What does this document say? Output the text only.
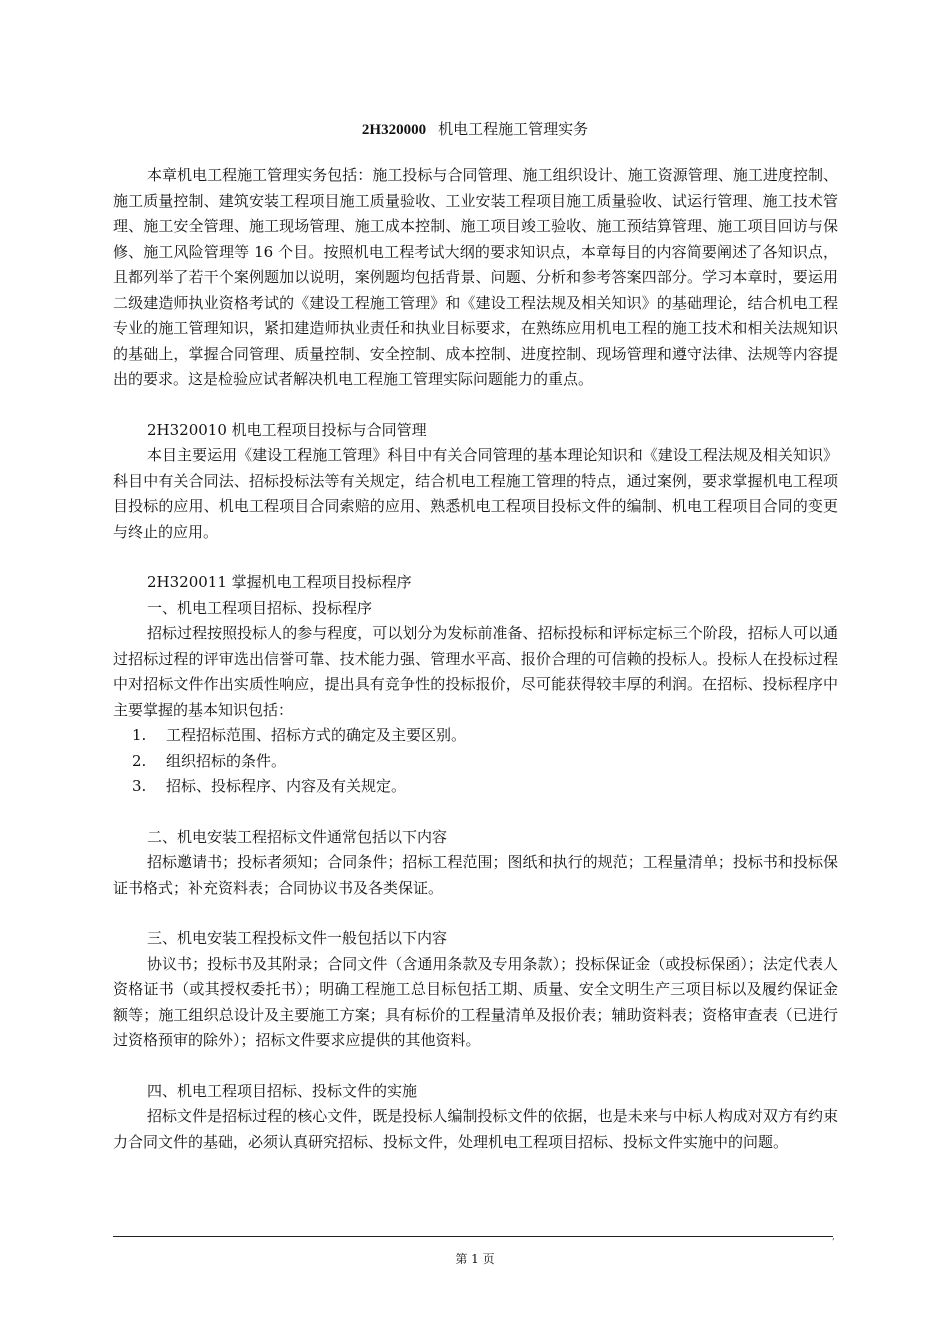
2H320000 机电工程施工管理实务

本章机电工程施工管理实务包括：施工投标与合同管理、施工组织设计、施工资源管理、施工进度控制、施工质量控制、建筑安装工程项目施工质量验收、工业安装工程项目施工质量验收、试运行管理、施工技术管理、施工安全管理、施工现场管理、施工成本控制、施工项目竣工验收、施工预结算管理、施工项目回访与保修、施工风险管理等 16 个目。按照机电工程考试大纲的要求知识点，本章每目的内容简要阐述了各知识点，且都列举了若干个案例题加以说明，案例题均包括背景、问题、分析和参考答案四部分。学习本章时，要运用二级建造师执业资格考试的《建设工程施工管理》和《建设工程法规及相关知识》的基础理论，结合机电工程专业的施工管理知识，紧扣建造师执业责任和执业目标要求，在熟练应用机电工程的施工技术和相关法规知识的基础上，掌握合同管理、质量控制、安全控制、成本控制、进度控制、现场管理和遵守法律、法规等内容提出的要求。这是检验应试者解决机电工程施工管理实际问题能力的重点。

2H320010 机电工程项目投标与合同管理

本目主要运用《建设工程施工管理》科目中有关合同管理的基本理论知识和《建设工程法规及相关知识》科目中有关合同法、招标投标法等有关规定，结合机电工程施工管理的特点，通过案例，要求掌握机电工程项目投标的应用、机电工程项目合同索赔的应用、熟悉机电工程项目投标文件的编制、机电工程项目合同的变更与终止的应用。

2H320011 掌握机电工程项目投标程序

一、机电工程项目招标、投标程序

招标过程按照投标人的参与程度，可以划分为发标前准备、招标投标和评标定标三个阶段，招标人可以通过招标过程的评审选出信誉可靠、技术能力强、管理水平高、报价合理的可信赖的投标人。投标人在投标过程中对招标文件作出实质性响应，提出具有竞争性的投标报价，尽可能获得较丰厚的利润。在招标、投标程序中主要掌握的基本知识包括：

1.	工程招标范围、招标方式的确定及主要区别。
2.	组织招标的条件。
3.	招标、投标程序、内容及有关规定。

二、机电安装工程招标文件通常包括以下内容

招标邀请书；投标者须知；合同条件；招标工程范围；图纸和执行的规范；工程量清单；投标书和投标保证书格式；补充资料表；合同协议书及各类保证。

三、机电安装工程投标文件一般包括以下内容

协议书；投标书及其附录；合同文件（含通用条款及专用条款）；投标保证金（或投标保函）；法定代表人资格证书（或其授权委托书）；明确工程施工总目标包括工期、质量、安全文明生产三项目标以及履约保证金额等；施工组织总设计及主要施工方案；具有标价的工程量清单及报价表；辅助资料表；资格审查表（已进行过资格预审的除外）；招标文件要求应提供的其他资料。

四、机电工程项目招标、投标文件的实施

招标文件是招标过程的核心文件，既是投标人编制投标文件的依据，也是未来与中标人构成对双方有约束力合同文件的基础，必须认真研究招标、投标文件，处理机电工程项目招标、投标文件实施中的问题。

,
第 1 页
